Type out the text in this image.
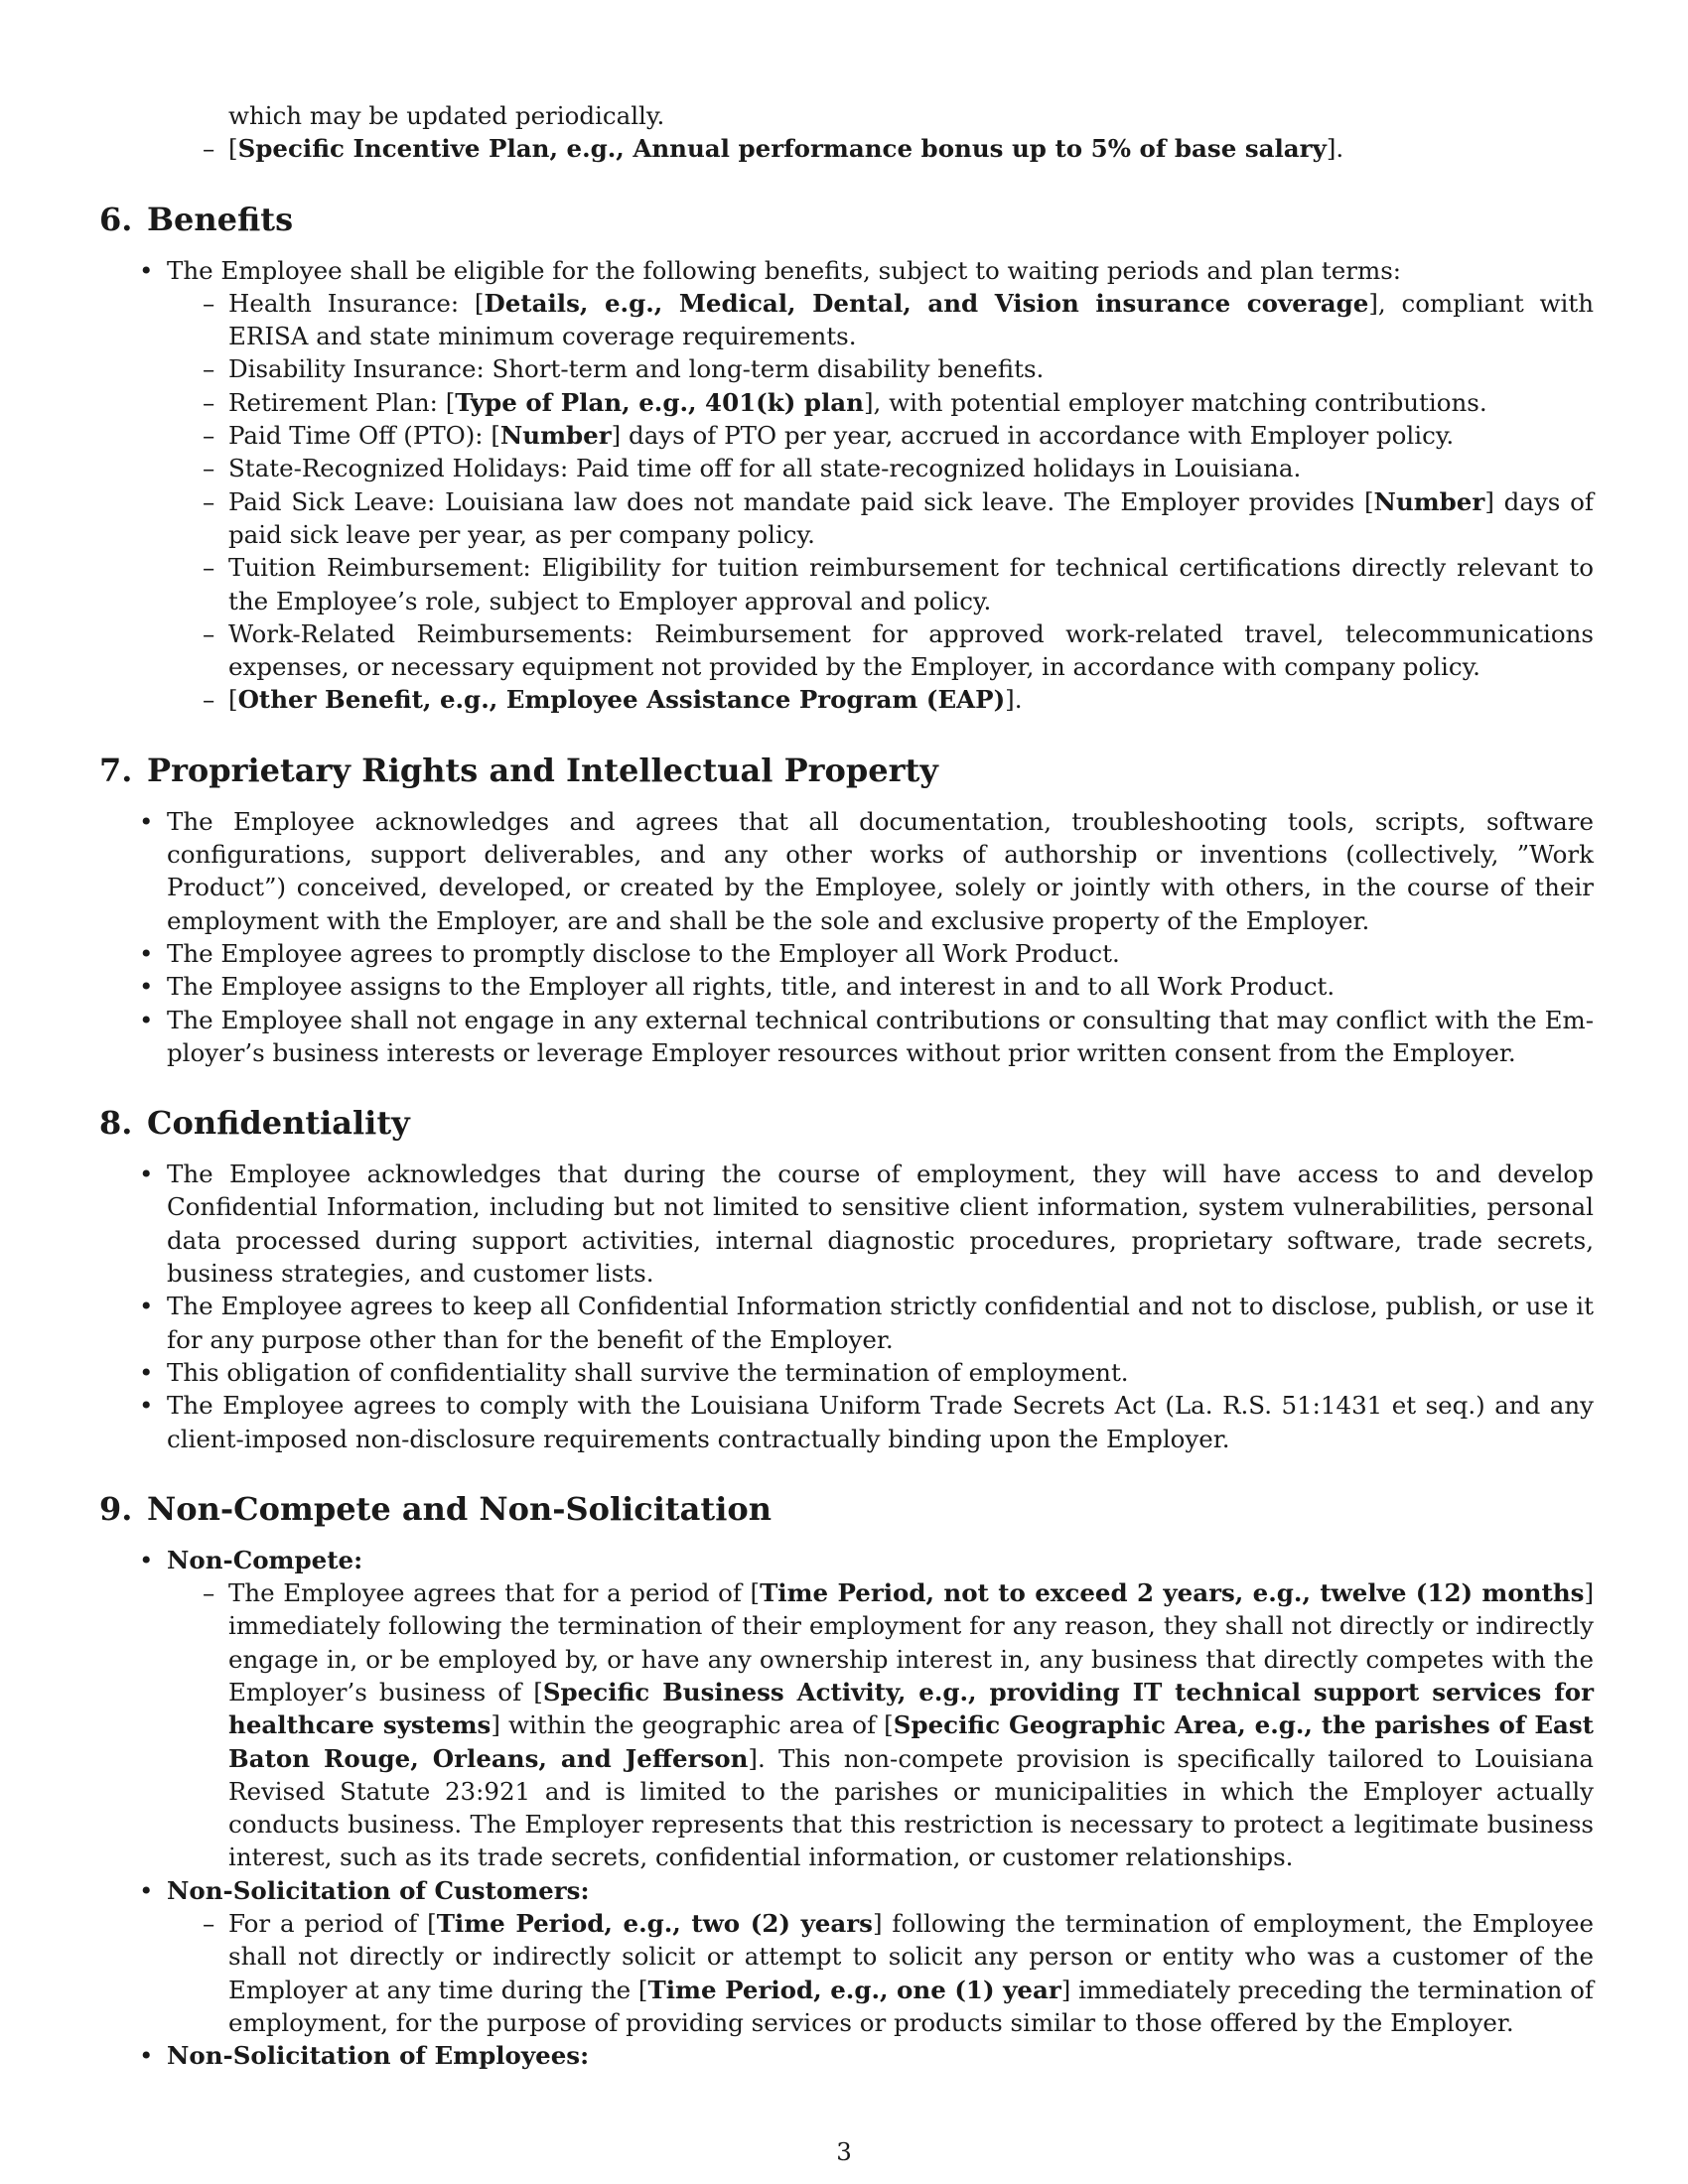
which may be updated periodically.
– [Specific Incentive Plan, e.g., Annual performance bonus up to 5% of base salary].
6. Benefits
• The Employee shall be eligible for the following benefits, subject to waiting periods and plan terms:
– Health Insurance: [Details, e.g., Medical, Dental, and Vision insurance coverage], compliant with ERISA and state minimum coverage requirements.
– Disability Insurance: Short-term and long-term disability benefits.
– Retirement Plan: [Type of Plan, e.g., 401(k) plan], with potential employer matching contributions.
– Paid Time Off (PTO): [Number] days of PTO per year, accrued in accordance with Employer policy.
– State-Recognized Holidays: Paid time off for all state-recognized holidays in Louisiana.
– Paid Sick Leave: Louisiana law does not mandate paid sick leave. The Employer provides [Number] days of paid sick leave per year, as per company policy.
– Tuition Reimbursement: Eligibility for tuition reimbursement for technical certifications directly relevant to the Employee’s role, subject to Employer approval and policy.
– Work-Related Reimbursements: Reimbursement for approved work-related travel, telecommunications expenses, or necessary equipment not provided by the Employer, in accordance with company policy.
– [Other Benefit, e.g., Employee Assistance Program (EAP)].
7. Proprietary Rights and Intellectual Property
• The Employee acknowledges and agrees that all documentation, troubleshooting tools, scripts, software configurations, support deliverables, and any other works of authorship or inventions (collectively, ”Work Product”) conceived, developed, or created by the Employee, solely or jointly with others, in the course of their employment with the Employer, are and shall be the sole and exclusive property of the Employer.
• The Employee agrees to promptly disclose to the Employer all Work Product.
• The Employee assigns to the Employer all rights, title, and interest in and to all Work Product.
• The Employee shall not engage in any external technical contributions or consulting that may conflict with the Employer’s business interests or leverage Employer resources without prior written consent from the Employer.
8. Confidentiality
• The Employee acknowledges that during the course of employment, they will have access to and develop Confidential Information, including but not limited to sensitive client information, system vulnerabilities, personal data processed during support activities, internal diagnostic procedures, proprietary software, trade secrets, business strategies, and customer lists.
• The Employee agrees to keep all Confidential Information strictly confidential and not to disclose, publish, or use it for any purpose other than for the benefit of the Employer.
• This obligation of confidentiality shall survive the termination of employment.
• The Employee agrees to comply with the Louisiana Uniform Trade Secrets Act (La. R.S. 51:1431 et seq.) and any client-imposed non-disclosure requirements contractually binding upon the Employer.
9. Non-Compete and Non-Solicitation
• Non-Compete:
– The Employee agrees that for a period of [Time Period, not to exceed 2 years, e.g., twelve (12) months] immediately following the termination of their employment for any reason, they shall not directly or indirectly engage in, or be employed by, or have any ownership interest in, any business that directly competes with the Employer’s business of [Specific Business Activity, e.g., providing IT technical support services for healthcare systems] within the geographic area of [Specific Geographic Area, e.g., the parishes of East Baton Rouge, Orleans, and Jefferson]. This non-compete provision is specifically tailored to Louisiana Revised Statute 23:921 and is limited to the parishes or municipalities in which the Employer actually conducts business. The Employer represents that this restriction is necessary to protect a legitimate business interest, such as its trade secrets, confidential information, or customer relationships.
• Non-Solicitation of Customers:
– For a period of [Time Period, e.g., two (2) years] following the termination of employment, the Employee shall not directly or indirectly solicit or attempt to solicit any person or entity who was a customer of the Employer at any time during the [Time Period, e.g., one (1) year] immediately preceding the termination of employment, for the purpose of providing services or products similar to those offered by the Employer.
• Non-Solicitation of Employees:
3
